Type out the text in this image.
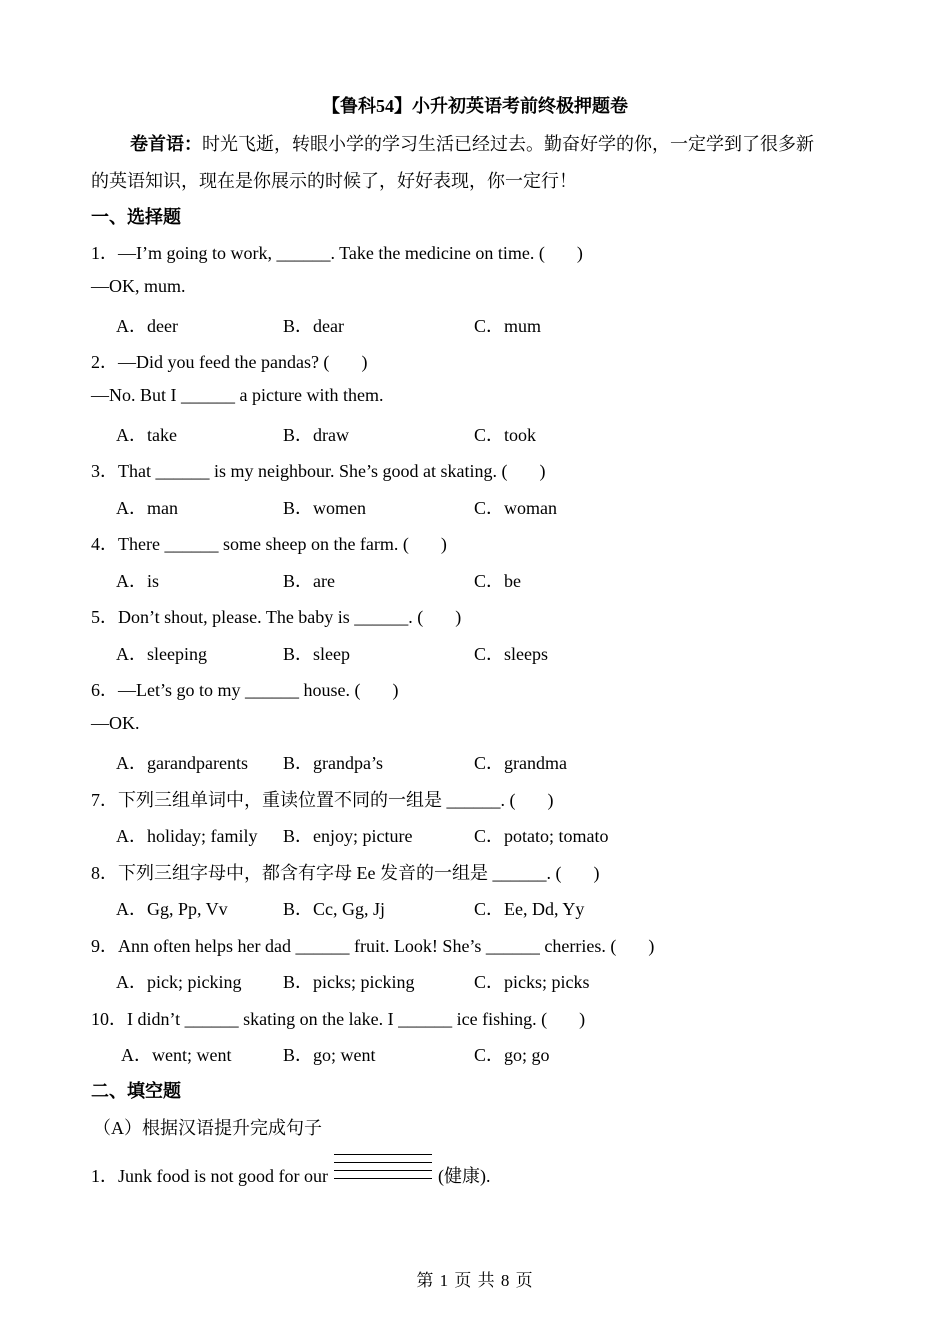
【鲁科54】小升初英语考前终极押题卷
卷首语：时光飞逝，转眼小学的学习生活已经过去。勤奋好学的你，一定学到了很多新
的英语知识，现在是你展示的时候了，好好表现，你一定行！
一、选择题
1．—I’m going to work, ______. Take the medicine on time. ( )
—OK, mum.
A．deer	B．dear	C．mum
2．—Did you feed the pandas? ( )
—No. But I ______ a picture with them.
A．take	B．draw	C．took
3．That ______ is my neighbour. She’s good at skating. ( )
A．man	B．women	C．woman
4．There ______ some sheep on the farm. ( )
A．is	B．are	C．be
5．Don’t shout, please. The baby is ______. ( )
A．sleeping	B．sleep	C．sleeps
6．—Let’s go to my ______ house. ( )
—OK.
A．garandparents B．grandpa’s	C．grandma
7．下列三组单词中，重读位置不同的一组是 ______. ( )
A．holiday; family B．enjoy; picture	C．potato; tomato
8．下列三组字母中，都含有字母 Ee 发音的一组是 ______. ( )
A．Gg, Pp, Vv	B．Cc, Gg, Jj	C．Ee, Dd, Yy
9．Ann often helps her dad ______ fruit. Look! She’s ______ cherries. ( )
A．pick; picking B．picks; picking	C．picks; picks
10．I didn’t ______ skating on the lake. I ______ ice fishing. ( )
A．went; went	B．go; went	C．go; go
二、填空题
（A）根据汉语提升完成句子
1．Junk food is not good for our	(健康).
第 1 页 共 8 页
